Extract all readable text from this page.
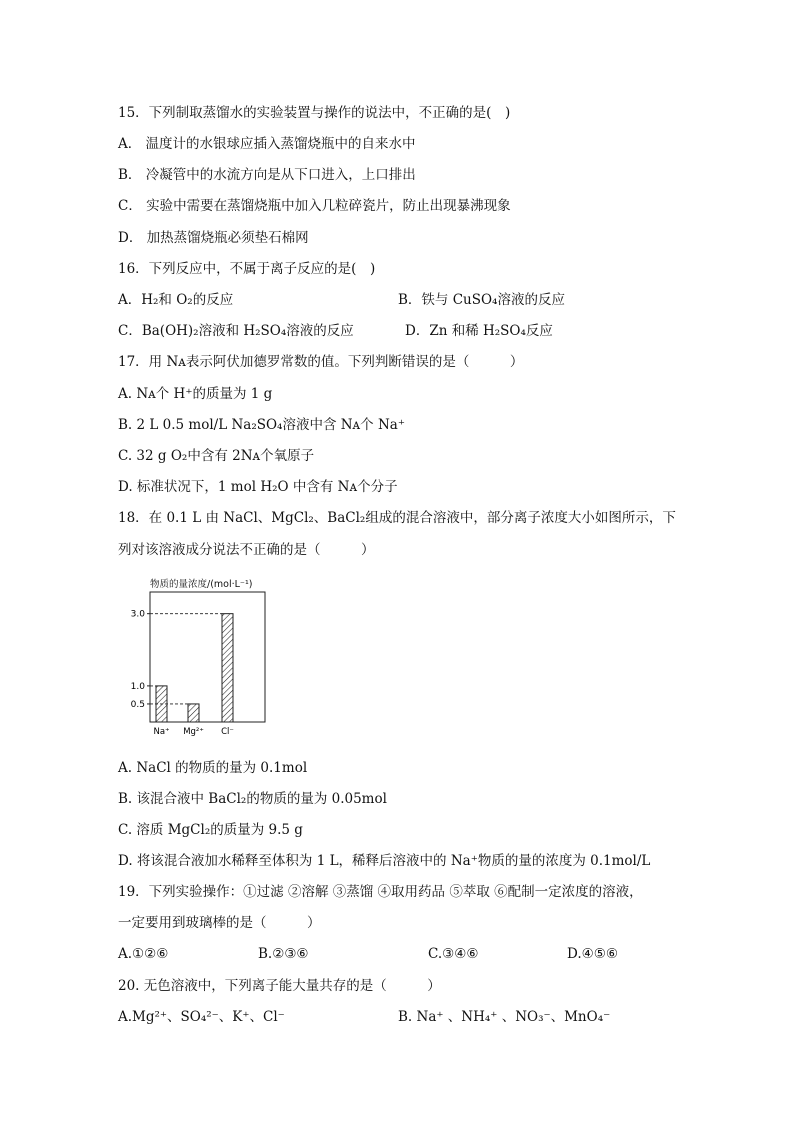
15．下列制取蒸馏水的实验装置与操作的说法中，不正确的是(　)
A． 温度计的水银球应插入蒸馏烧瓶中的自来水中
B． 冷凝管中的水流方向是从下口进入，上口排出
C． 实验中需要在蒸馏烧瓶中加入几粒碎瓷片，防止出现暴沸现象
D． 加热蒸馏烧瓶必须垫石棉网
16．下列反应中，不属于离子反应的是(　)
A．H₂和 O₂的反应	B．铁与 CuSO₄溶液的反应
C．Ba(OH)₂溶液和 H₂SO₄溶液的反应	D．Zn 和稀 H₂SO₄反应
17．用 Nᴀ表示阿伏加德罗常数的值。下列判断错误的是（　　　）
A. Nᴀ个 H⁺的质量为 1 g
B. 2 L 0.5 mol/L Na₂SO₄溶液中含 Nᴀ个 Na⁺
C. 32 g O₂中含有 2Nᴀ个氧原子
D. 标准状况下，1 mol H₂O 中含有 Nᴀ个分子
18．在 0.1 L 由 NaCl、MgCl₂、BaCl₂组成的混合溶液中，部分离子浓度大小如图所示，下
列对该溶液成分说法不正确的是（　　　）
物质的量浓度/(mol·L⁻¹)
0.5
1.0
3.0
Na⁺ Mg²⁺ Cl⁻
A. NaCl 的物质的量为 0.1mol
B. 该混合液中 BaCl₂的物质的量为 0.05mol
C. 溶质 MgCl₂的质量为 9.5 g
D. 将该混合液加水稀释至体积为 1 L，稀释后溶液中的 Na⁺物质的量的浓度为 0.1mol/L
19．下列实验操作：①过滤 ②溶解 ③蒸馏 ④取用药品 ⑤萃取 ⑥配制一定浓度的溶液，
一定要用到玻璃棒的是（　　　）
A.①②⑥	B.②③⑥	C.③④⑥	D.④⑤⑥
20. 无色溶液中，下列离子能大量共存的是（　　　）
A.Mg²⁺、SO₄²⁻、K⁺、Cl⁻	B. Na⁺ 、NH₄⁺ 、NO₃⁻、MnO₄⁻
